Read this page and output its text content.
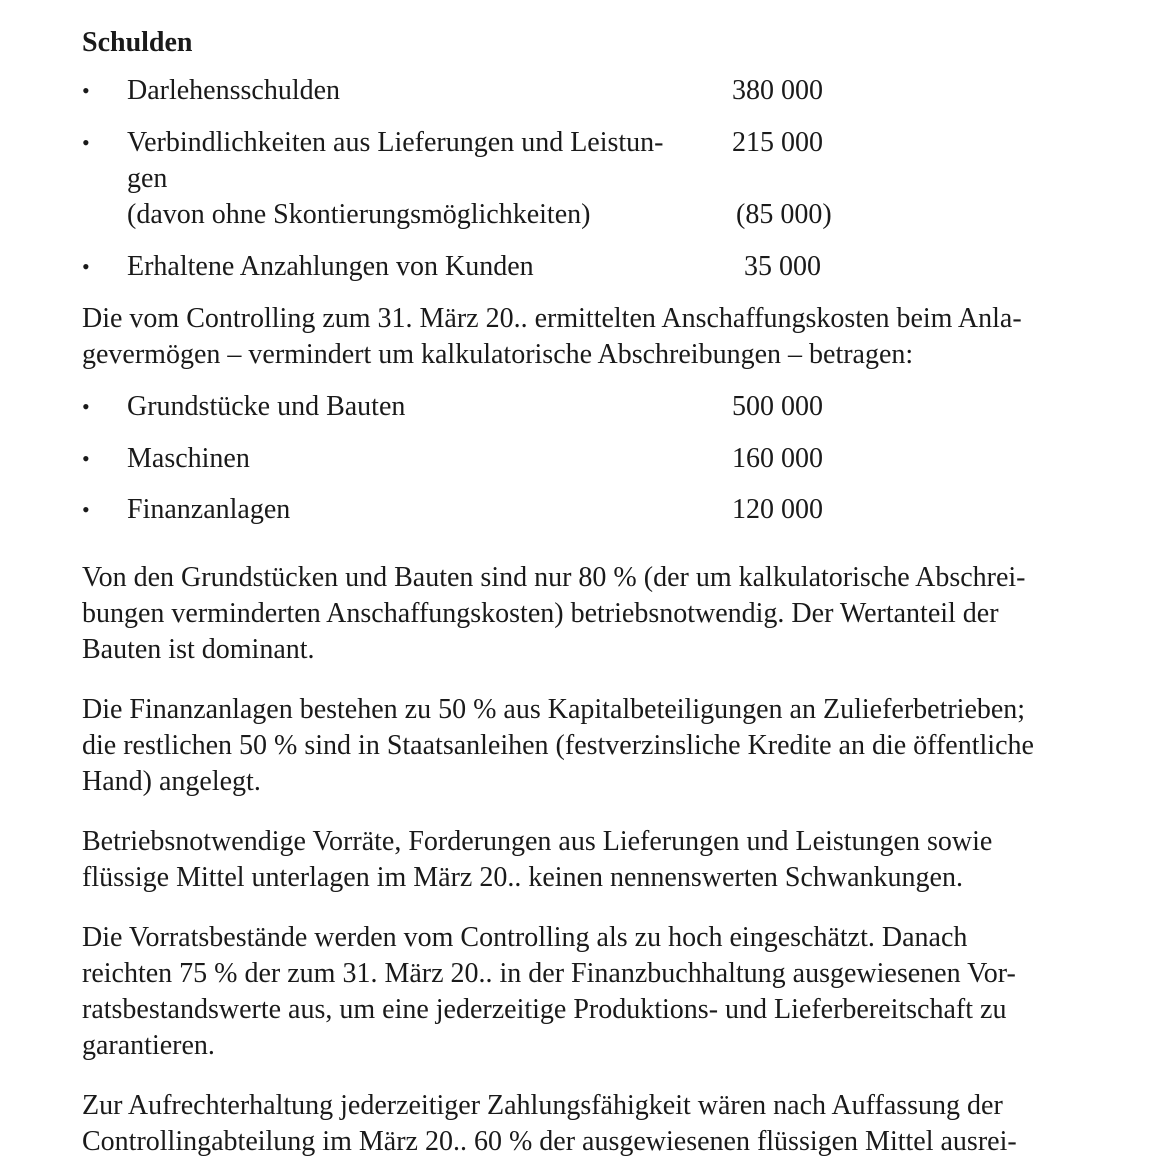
Schulden
• Darlehensschulden	380 000
• Verbindlichkeiten aus Lieferungen und Leistun-	215 000
gen
(davon ohne Skontierungsmöglichkeiten)	(85 000)
• Erhaltene Anzahlungen von Kunden	35 000
Die vom Controlling zum 31. März 20.. ermittelten Anschaffungskosten beim Anla-
gevermögen – vermindert um kalkulatorische Abschreibungen – betragen:
• Grundstücke und Bauten	500 000
• Maschinen	160 000
• Finanzanlagen	120 000
Von den Grundstücken und Bauten sind nur 80 % (der um kalkulatorische Abschrei-
bungen verminderten Anschaffungskosten) betriebsnotwendig. Der Wertanteil der
Bauten ist dominant.
Die Finanzanlagen bestehen zu 50 % aus Kapitalbeteiligungen an Zulieferbetrieben;
die restlichen 50 % sind in Staatsanleihen (festverzinsliche Kredite an die öffentliche
Hand) angelegt.
Betriebsnotwendige Vorräte, Forderungen aus Lieferungen und Leistungen sowie
flüssige Mittel unterlagen im März 20.. keinen nennenswerten Schwankungen.
Die Vorratsbestände werden vom Controlling als zu hoch eingeschätzt. Danach
reichten 75 % der zum 31. März 20.. in der Finanzbuchhaltung ausgewiesenen Vor-
ratsbestandswerte aus, um eine jederzeitige Produktions- und Lieferbereitschaft zu
garantieren.
Zur Aufrechterhaltung jederzeitiger Zahlungsfähigkeit wären nach Auffassung der
Controllingabteilung im März 20.. 60 % der ausgewiesenen flüssigen Mittel ausrei-
